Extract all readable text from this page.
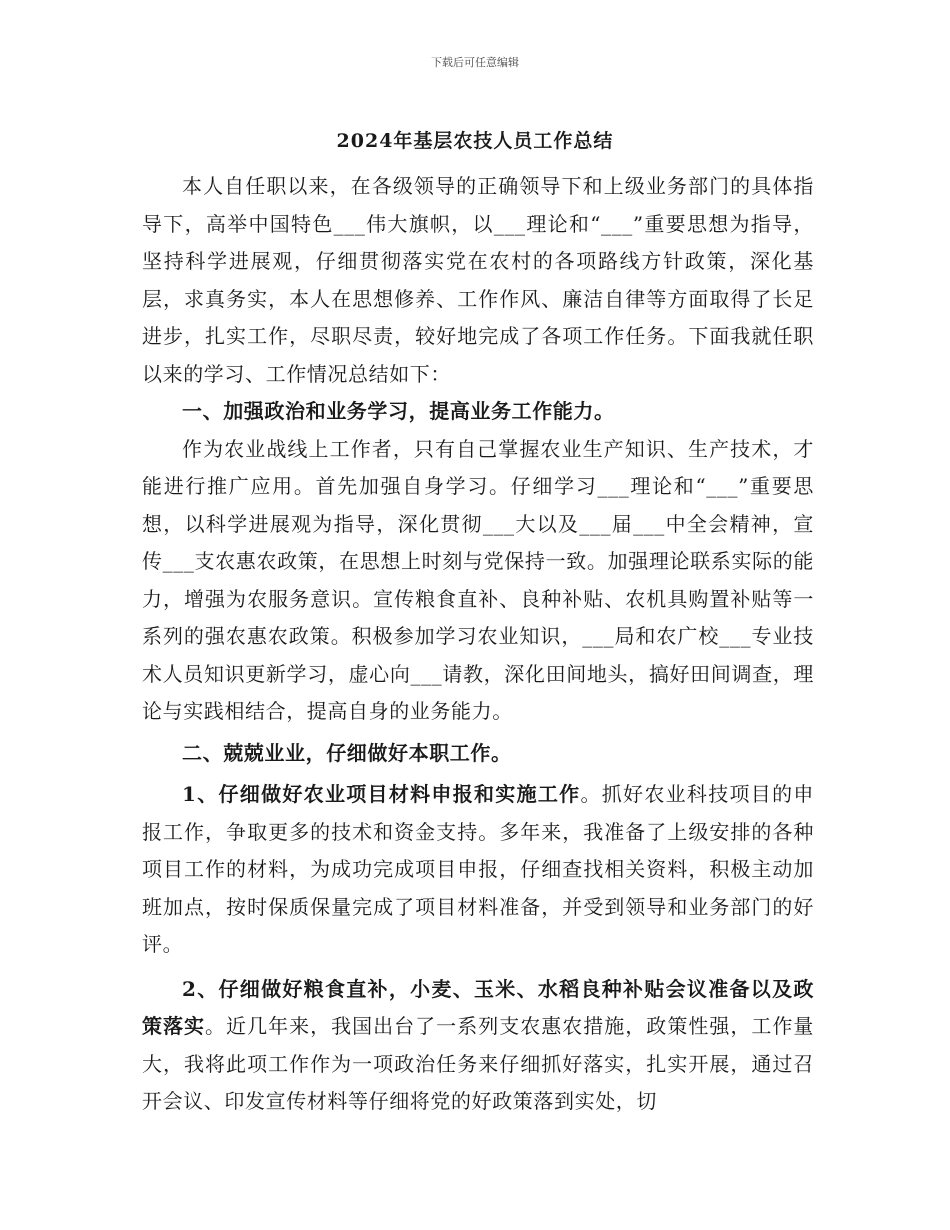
下载后可任意编辑
2024年基层农技人员工作总结

本人自任职以来，在各级领导的正确领导下和上级业务部门的具体指导下，高举中国特色___伟大旗帜，以___理论和“___”重要思想为指导，坚持科学进展观，仔细贯彻落实党在农村的各项路线方针政策，深化基层，求真务实，本人在思想修养、工作作风、廉洁自律等方面取得了长足进步，扎实工作，尽职尽责，较好地完成了各项工作任务。下面我就任职以来的学习、工作情况总结如下：

一、加强政治和业务学习，提高业务工作能力。

作为农业战线上工作者，只有自己掌握农业生产知识、生产技术，才能进行推广应用。首先加强自身学习。仔细学习___理论和“___”重要思想，以科学进展观为指导，深化贯彻___大以及___届___中全会精神，宣传___支农惠农政策，在思想上时刻与党保持一致。加强理论联系实际的能力，增强为农服务意识。宣传粮食直补、良种补贴、农机具购置补贴等一系列的强农惠农政策。积极参加学习农业知识，___局和农广校___专业技术人员知识更新学习，虚心向___请教，深化田间地头，搞好田间调查，理论与实践相结合，提高自身的业务能力。

二、兢兢业业，仔细做好本职工作。

1、仔细做好农业项目材料申报和实施工作。抓好农业科技项目的申报工作，争取更多的技术和资金支持。多年来，我准备了上级安排的各种项目工作的材料，为成功完成项目申报，仔细查找相关资料，积极主动加班加点，按时保质保量完成了项目材料准备，并受到领导和业务部门的好评。

2、仔细做好粮食直补，小麦、玉米、水稻良种补贴会议准备以及政策落实。近几年来，我国出台了一系列支农惠农措施，政策性强，工作量大，我将此项工作作为一项政治任务来仔细抓好落实，扎实开展，通过召开会议、印发宣传材料等仔细将党的好政策落到实处，切
